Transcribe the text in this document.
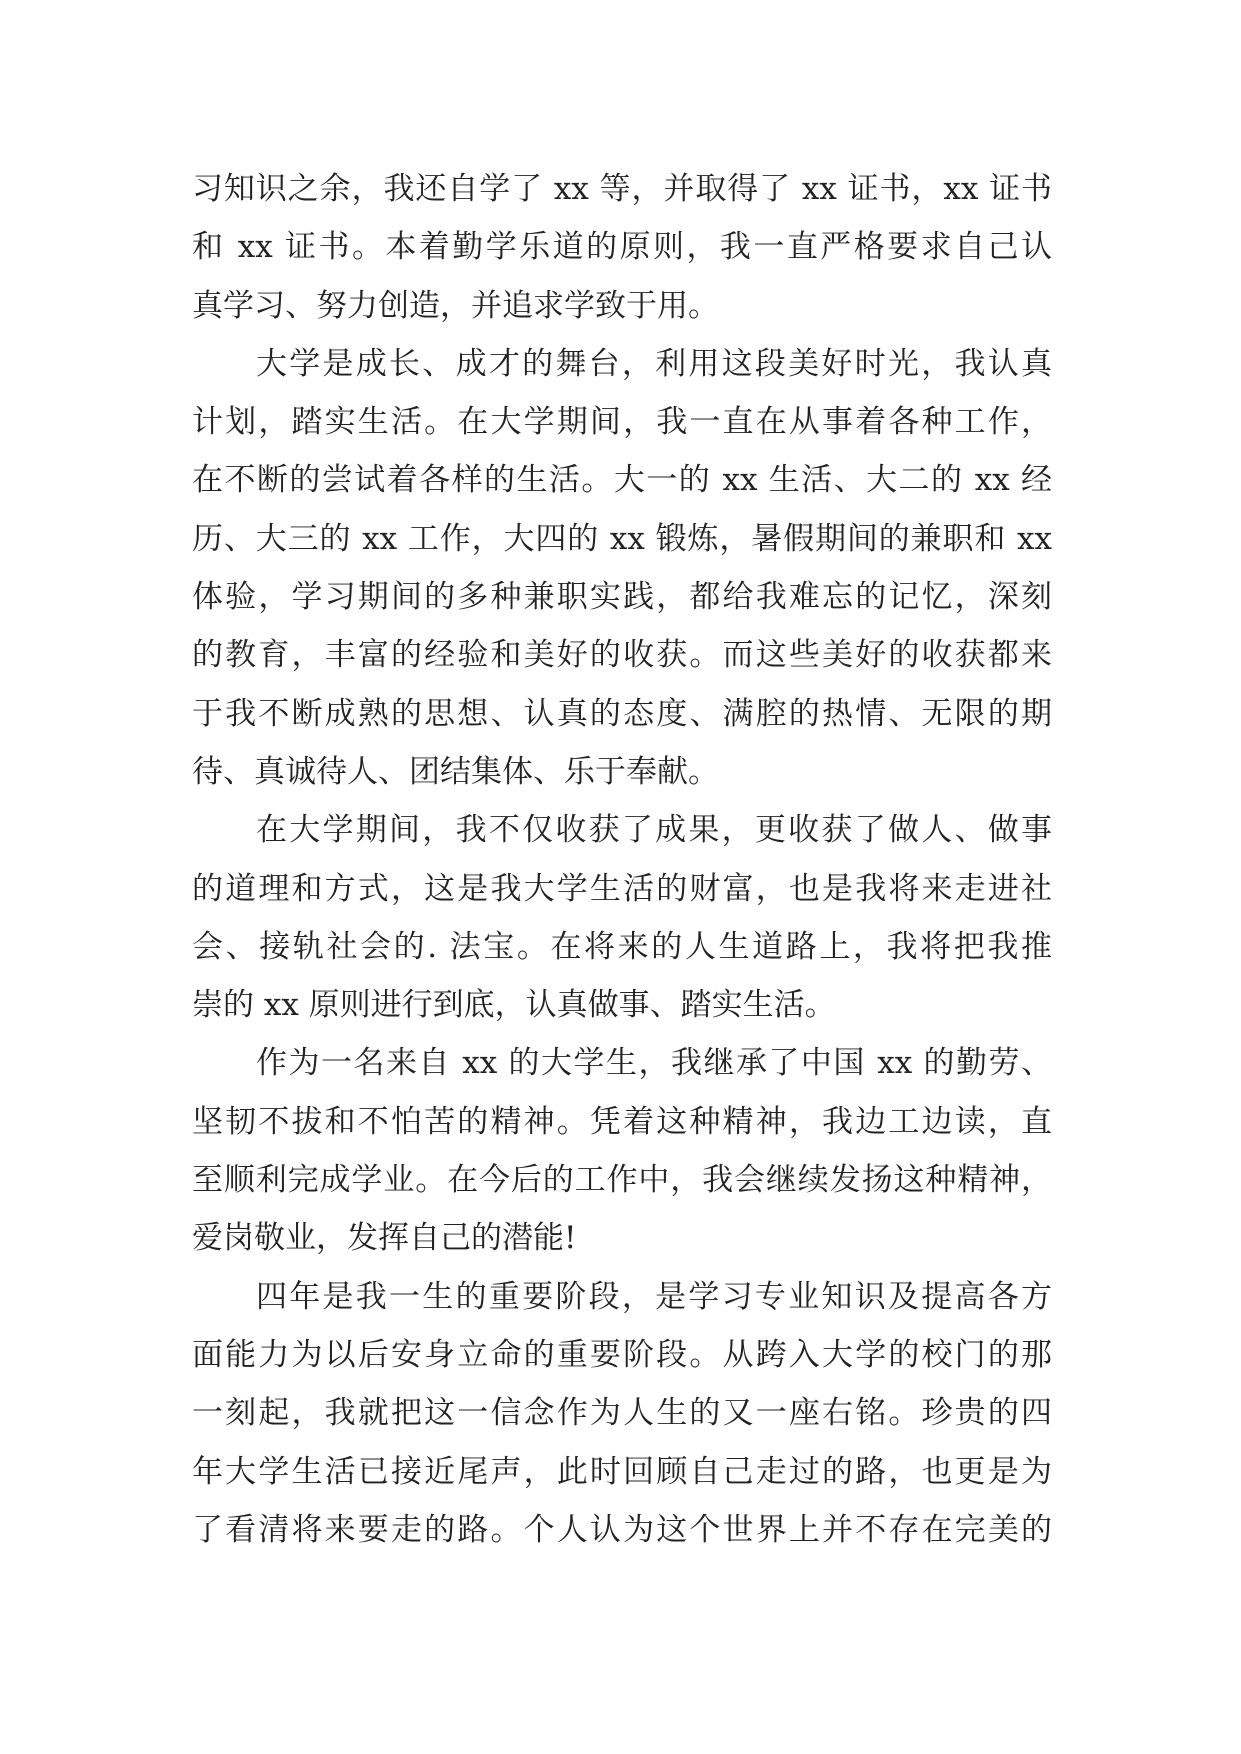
习知识之余，我还自学了 xx 等，并取得了 xx 证书，xx 证书
和 xx 证书。本着勤学乐道的原则，我一直严格要求自己认
真学习、努力创造，并追求学致于用。
大学是成长、成才的舞台，利用这段美好时光，我认真
计划，踏实生活。在大学期间，我一直在从事着各种工作，
在不断的尝试着各样的生活。大一的 xx 生活、大二的 xx 经
历、大三的 xx 工作，大四的 xx 锻炼，暑假期间的兼职和 xx
体验，学习期间的多种兼职实践，都给我难忘的记忆，深刻
的教育，丰富的经验和美好的收获。而这些美好的收获都来
于我不断成熟的思想、认真的态度、满腔的热情、无限的期
待、真诚待人、团结集体、乐于奉献。
在大学期间，我不仅收获了成果，更收获了做人、做事
的道理和方式，这是我大学生活的财富，也是我将来走进社
会、接轨社会的. 法宝。在将来的人生道路上，我将把我推
崇的 xx 原则进行到底，认真做事、踏实生活。
作为一名来自 xx 的大学生，我继承了中国 xx 的勤劳、
坚韧不拔和不怕苦的精神。凭着这种精神，我边工边读，直
至顺利完成学业。在今后的工作中，我会继续发扬这种精神，
爱岗敬业，发挥自己的潜能!
四年是我一生的重要阶段，是学习专业知识及提高各方
面能力为以后安身立命的重要阶段。从跨入大学的校门的那
一刻起，我就把这一信念作为人生的又一座右铭。珍贵的四
年大学生活已接近尾声，此时回顾自己走过的路，也更是为
了看清将来要走的路。个人认为这个世界上并不存在完美的
